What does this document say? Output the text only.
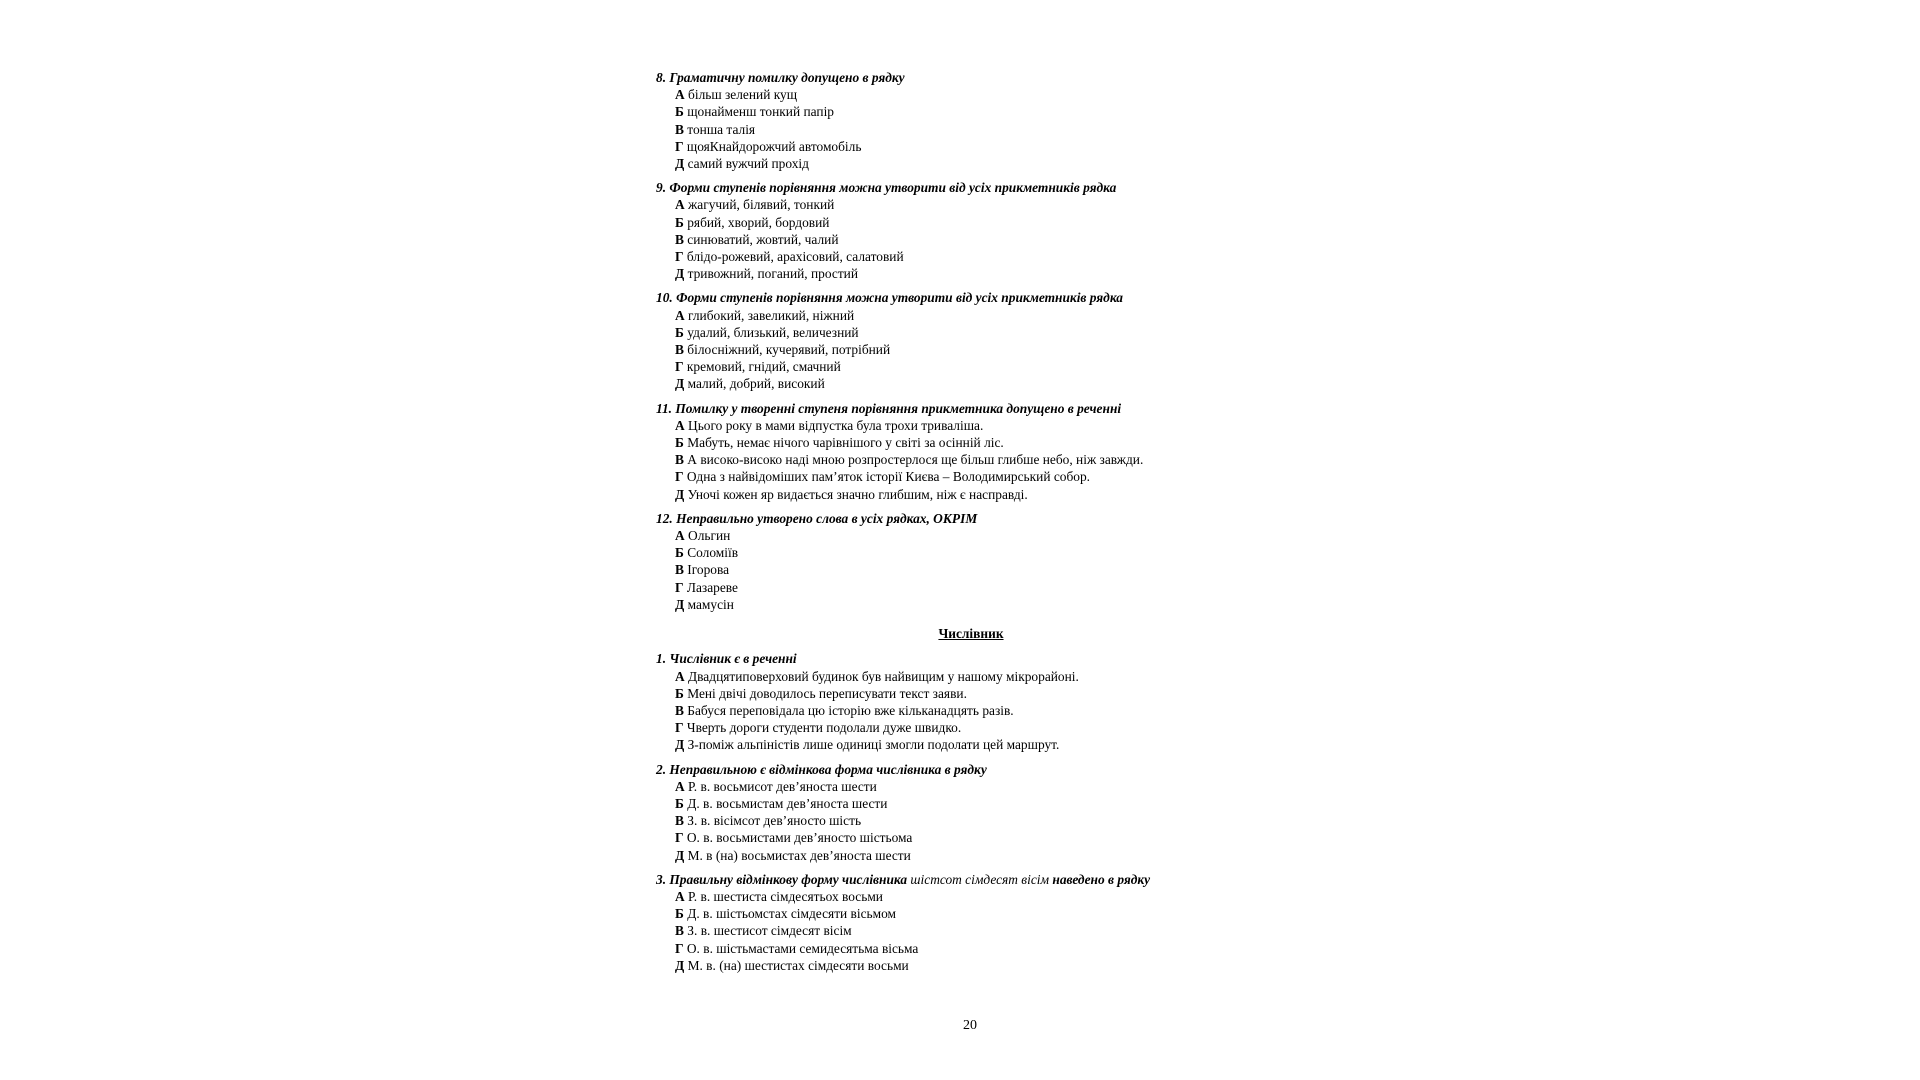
8. Граматичну помилку допущено в рядку
А більш зелений кущ
Б щонайменш тонкий папір
В тонша талія
Г щояКнайдорожчий автомобіль
Д самий вужчий прохід
9. Форми ступенів порівняння можна утворити від усіх прикметників рядка
А жагучий, білявий, тонкий
Б рябий, хворий, бордовий
В синюватий, жовтий, чалий
Г блідо-рожевий, арахісовий, салатовий
Д тривожний, поганий, простий
10. Форми ступенів порівняння можна утворити від усіх прикметників рядка
А глибокий, завеликий, ніжний
Б удалий, близький, величезний
В білосніжний, кучерявий, потрібний
Г кремовий, гнідий, смачний
Д малий, добрий, високий
11. Помилку у творенні ступеня порівняння прикметника допущено в реченні
А Цього року в мами відпустка була трохи триваліша.
Б Мабуть, немає нічого чарівнішого у світі за осінній ліс.
В А високо-високо наді мною розпростерлося ще більш глибше небо, ніж завжди.
Г Одна з найвідоміших пам’яток історії Києва – Володимирський собор.
Д Уночі кожен яр видається значно глибшим, ніж є насправді.
12. Неправильно утворено слова в усіх рядках, ОКРІМ
А Ольгин
Б Соломіїв
В Ігорова
Г Лазареве
Д мамусін
Числівник
1. Числівник є в реченні
А Двадцятиповерховий будинок був найвищим у нашому мікрорайоні.
Б Мені двічі доводилось переписувати текст заяви.
В Бабуся переповідала цю історію вже кільканадцять разів.
Г Чверть дороги студенти подолали дуже швидко.
Д З-поміж альпіністів лише одиниці змогли подолати цей маршрут.
2. Неправильною є відмінкова форма числівника в рядку
А Р. в. восьмисот дев’яноста шести
Б Д. в. восьмистам дев’яноста шести
В З. в. вісімсот дев’яносто шість
Г О. в. восьмистами дев’яносто шістьома
Д М. в (на) восьмистах дев’яноста шести
3. Правильну відмінкову форму числівника шістсот сімдесят вісім наведено в рядку
А Р. в. шестиста сімдесятьох восьми
Б Д. в. шістьомстах сімдесяти вісьмом
В З. в. шестисот сімдесят вісім
Г О. в. шістьмастами семидесятьма вісьма
Д М. в. (на) шестистах сімдесяти восьми
20
